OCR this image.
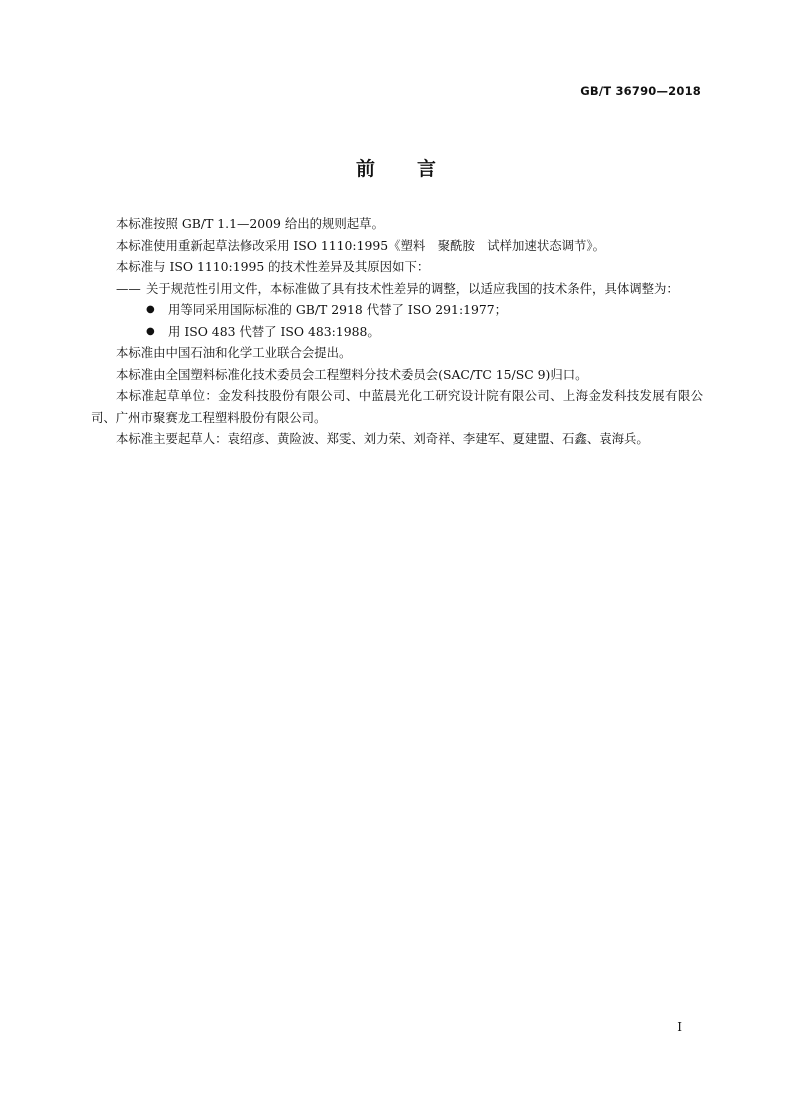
GB/T 36790—2018
前言

本标准按照 GB/T 1.1—2009 给出的规则起草。

本标准使用重新起草法修改采用 ISO 1110:1995《塑料　聚酰胺　试样加速状态调节》。

本标准与 ISO 1110:1995 的技术性差异及其原因如下：

—— 关于规范性引用文件，本标准做了具有技术性差异的调整，以适应我国的技术条件，具体调整为：
● 用等同采用国际标准的 GB/T 2918 代替了 ISO 291:1977；
● 用 ISO 483 代替了 ISO 483:1988。

本标准由中国石油和化学工业联合会提出。

本标准由全国塑料标准化技术委员会工程塑料分技术委员会(SAC/TC 15/SC 9)归口。

本标准起草单位：金发科技股份有限公司、中蓝晨光化工研究设计院有限公司、上海金发科技发展有限公司、广州市聚赛龙工程塑料股份有限公司。

本标准主要起草人：袁绍彦、黄险波、郑雯、刘力荣、刘奇祥、李建军、夏建盟、石鑫、袁海兵。

I
